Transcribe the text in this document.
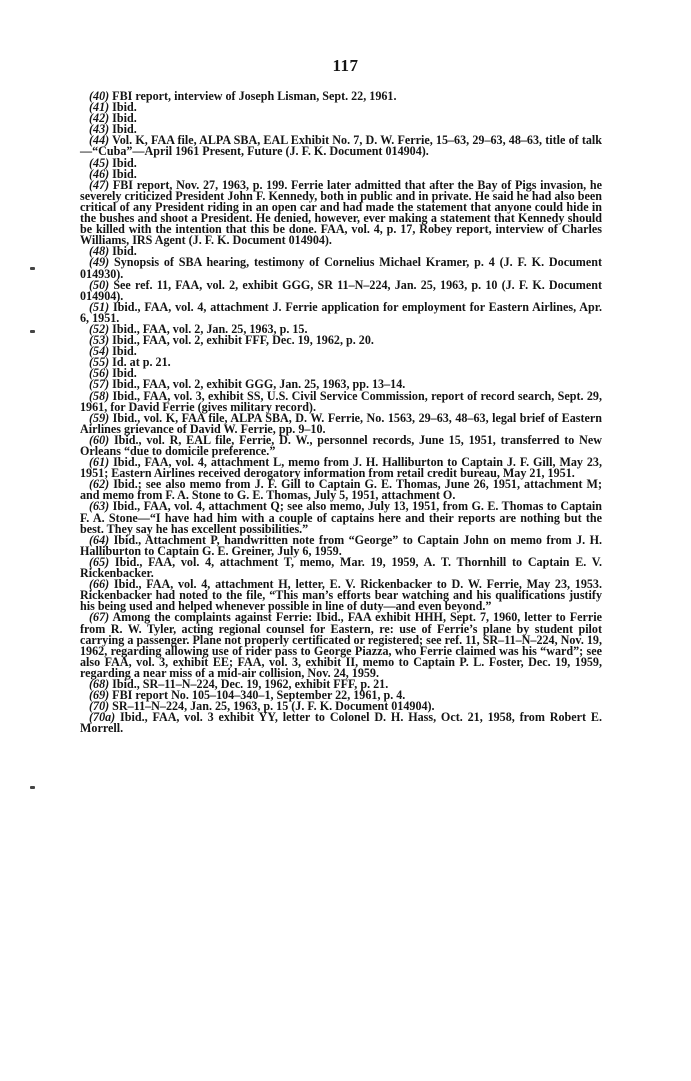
117

(40) FBI report, interview of Joseph Lisman, Sept. 22, 1961.

(41) Ibid.

(42) Ibid.

(43) Ibid.

(44) Vol. K, FAA file, ALPA SBA, EAL Exhibit No. 7, D. W. Ferrie, 15–63, 29–63, 48–63, title of talk—“Cuba”—April 1961 Present, Future (J. F. K. Document 014904).

(45) Ibid.

(46) Ibid.

(47) FBI report, Nov. 27, 1963, p. 199. Ferrie later admitted that after the Bay of Pigs invasion, he severely criticized President John F. Kennedy, both in public and in private. He said he had also been critical of any President riding in an open car and had made the statement that anyone could hide in the bushes and shoot a President. He denied, however, ever making a statement that Kennedy should be killed with the intention that this be done. FAA, vol. 4, p. 17, Robey report, interview of Charles Williams, IRS Agent (J. F. K. Document 014904).

(48) Ibid.

(49) Synopsis of SBA hearing, testimony of Cornelius Michael Kramer, p. 4 (J. F. K. Document 014930).

(50) See ref. 11, FAA, vol. 2, exhibit GGG, SR 11–N–224, Jan. 25, 1963, p. 10 (J. F. K. Document 014904).

(51) Ibid., FAA, vol. 4, attachment J. Ferrie application for employment for Eastern Airlines, Apr. 6, 1951.

(52) Ibid., FAA, vol. 2, Jan. 25, 1963, p. 15.

(53) Ibid., FAA, vol. 2, exhibit FFF, Dec. 19, 1962, p. 20.

(54) Ibid.

(55) Id. at p. 21.

(56) Ibid.

(57) Ibid., FAA, vol. 2, exhibit GGG, Jan. 25, 1963, pp. 13–14.

(58) Ibid., FAA, vol. 3, exhibit SS, U.S. Civil Service Commission, report of record search, Sept. 29, 1961, for David Ferrie (gives military record).

(59) Ibid., vol. K, FAA file, ALPA SBA, D. W. Ferrie, No. 1563, 29–63, 48–63, legal brief of Eastern Airlines grievance of David W. Ferrie, pp. 9–10.

(60) Ibid., vol. R, EAL file, Ferrie, D. W., personnel records, June 15, 1951, transferred to New Orleans “due to domicile preference.”

(61) Ibid., FAA, vol. 4, attachment L, memo from J. H. Halliburton to Captain J. F. Gill, May 23, 1951; Eastern Airlines received derogatory information from retail credit bureau, May 21, 1951.

(62) Ibid.; see also memo from J. F. Gill to Captain G. E. Thomas, June 26, 1951, attachment M; and memo from F. A. Stone to G. E. Thomas, July 5, 1951, attachment O.

(63) Ibid., FAA, vol. 4, attachment Q; see also memo, July 13, 1951, from G. E. Thomas to Captain F. A. Stone—“I have had him with a couple of captains here and their reports are nothing but the best. They say he has excellent possibilities.”

(64) Ibid., Attachment P, handwritten note from “George” to Captain John on memo from J. H. Halliburton to Captain G. E. Greiner, July 6, 1959.

(65) Ibid., FAA, vol. 4, attachment T, memo, Mar. 19, 1959, A. T. Thornhill to Captain E. V. Rickenbacker.

(66) Ibid., FAA, vol. 4, attachment H, letter, E. V. Rickenbacker to D. W. Ferrie, May 23, 1953. Rickenbacker had noted to the file, “This man’s efforts bear watching and his qualifications justify his being used and helped whenever possible in line of duty—and even beyond.”

(67) Among the complaints against Ferrie: Ibid., FAA exhibit HHH, Sept. 7, 1960, letter to Ferrie from R. W. Tyler, acting regional counsel for Eastern, re: use of Ferrie’s plane by student pilot carrying a passenger. Plane not properly certificated or registered; see ref. 11, SR–11–N–224, Nov. 19, 1962, regarding allowing use of rider pass to George Piazza, who Ferrie claimed was his “ward”; see also FAA, vol. 3, exhibit EE; FAA, vol. 3, exhibit II, memo to Captain P. L. Foster, Dec. 19, 1959, regarding a near miss of a mid-air collision, Nov. 24, 1959.

(68) Ibid., SR–11–N–224, Dec. 19, 1962, exhibit FFF, p. 21.

(69) FBI report No. 105–104–340–1, September 22, 1961, p. 4.

(70) SR–11–N–224, Jan. 25, 1963, p. 15 (J. F. K. Document 014904).

(70a) Ibid., FAA, vol. 3 exhibit YY, letter to Colonel D. H. Hass, Oct. 21, 1958, from Robert E. Morrell.
